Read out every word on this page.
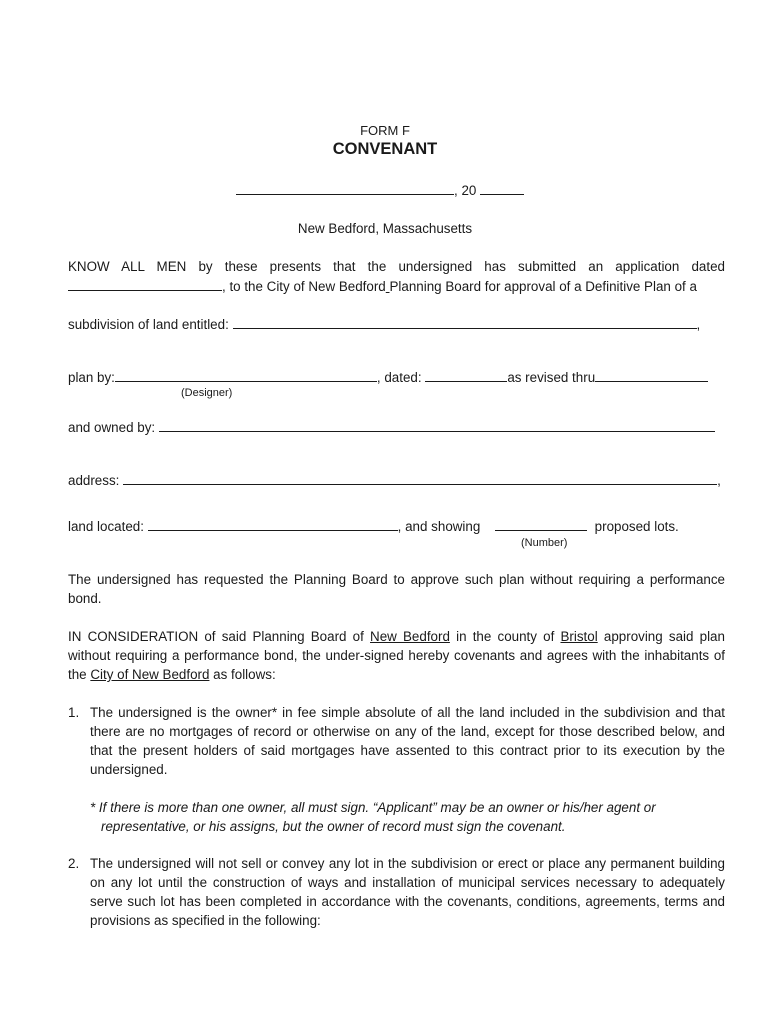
FORM F
CONVENANT
, 20
New Bedford, Massachusetts
KNOW ALL MEN by these presents that the undersigned has submitted an application dated
, to the City of New Bedford Planning Board for approval of a Definitive Plan of a
subdivision of land entitled:	,
plan by:	, dated:	as revised thru
(Designer)
and owned by:
address:	,
land located:	, and showing	proposed lots.
(Number)
The undersigned has requested the Planning Board to approve such plan without requiring a performance bond.
IN CONSIDERATION of said Planning Board of New Bedford in the county of Bristol approving said plan without requiring a performance bond, the under-signed hereby covenants and agrees with the inhabitants of the City of New Bedford as follows:
1. The undersigned is the owner* in fee simple absolute of all the land included in the subdivision and that there are no mortgages of record or otherwise on any of the land, except for those described below, and that the present holders of said mortgages have assented to this contract prior to its execution by the undersigned.
* If there is more than one owner, all must sign. “Applicant” may be an owner or his/her agent or
representative, or his assigns, but the owner of record must sign the covenant.
2. The undersigned will not sell or convey any lot in the subdivision or erect or place any permanent building on any lot until the construction of ways and installation of municipal services necessary to adequately serve such lot has been completed in accordance with the covenants, conditions, agreements, terms and provisions as specified in the following:
